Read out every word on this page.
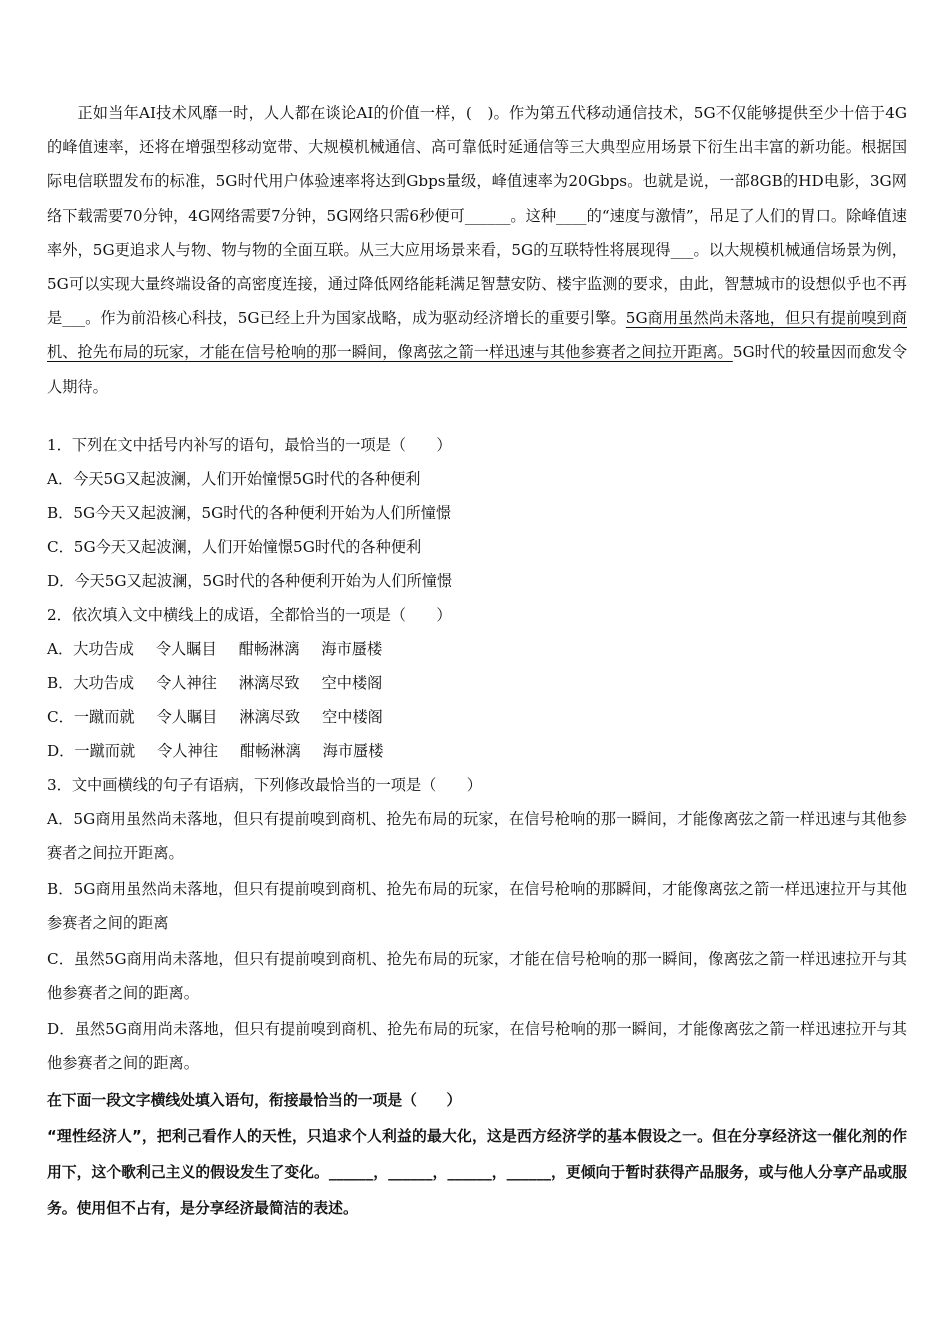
正如当年AI技术风靡一时，人人都在谈论AI的价值一样，(　)。作为第五代移动通信技术，5G不仅能够提供至少十倍于4G的峰值速率，还将在增强型移动宽带、大规模机械通信、高可靠低时延通信等三大典型应用场景下衍生出丰富的新功能。根据国际电信联盟发布的标准，5G时代用户体验速率将达到Gbps量级，峰值速率为20Gbps。也就是说，一部8GB的HD电影，3G网络下载需要70分钟，4G网络需要7分钟，5G网络只需6秒便可______。这种____的“速度与激情”，吊足了人们的胃口。除峰值速率外，5G更追求人与物、物与物的全面互联。从三大应用场景来看，5G的互联特性将展现得___。以大规模机械通信场景为例，5G可以实现大量终端设备的高密度连接，通过降低网络能耗满足智慧安防、楼宇监测的要求，由此，智慧城市的设想似乎也不再是___。作为前沿核心科技，5G已经上升为国家战略，成为驱动经济增长的重要引擎。5G商用虽然尚未落地，但只有提前嗅到商机、抢先布局的玩家，才能在信号枪响的那一瞬间，像离弦之箭一样迅速与其他参赛者之间拉开距离。5G时代的较量因而愈发令人期待。

1．下列在文中括号内补写的语句，最恰当的一项是（　　）

A．今天5G又起波澜，人们开始憧憬5G时代的各种便利

B．5G今天又起波澜，5G时代的各种便利开始为人们所憧憬

C．5G今天又起波澜，人们开始憧憬5G时代的各种便利

D．今天5G又起波澜，5G时代的各种便利开始为人们所憧憬

2．依次填入文中横线上的成语，全都恰当的一项是（　　）

A．大功告成 令人瞩目 酣畅淋漓 海市蜃楼

B．大功告成 令人神往 淋漓尽致 空中楼阁

C．一蹴而就 令人瞩目 淋漓尽致 空中楼阁

D．一蹴而就 令人神往 酣畅淋漓 海市蜃楼

3．文中画横线的句子有语病，下列修改最恰当的一项是（　　）

A．5G商用虽然尚未落地，但只有提前嗅到商机、抢先布局的玩家，在信号枪响的那一瞬间，才能像离弦之箭一样迅速与其他参赛者之间拉开距离。

B．5G商用虽然尚未落地，但只有提前嗅到商机、抢先布局的玩家，在信号枪响的那瞬间，才能像离弦之箭一样迅速拉开与其他参赛者之间的距离

C．虽然5G商用尚未落地，但只有提前嗅到商机、抢先布局的玩家，才能在信号枪响的那一瞬间，像离弦之箭一样迅速拉开与其他参赛者之间的距离。

D．虽然5G商用尚未落地，但只有提前嗅到商机、抢先布局的玩家，在信号枪响的那一瞬间，才能像离弦之箭一样迅速拉开与其他参赛者之间的距离。

在下面一段文字横线处填入语句，衔接最恰当的一项是（　　）

“理性经济人”，把利己看作人的天性，只追求个人利益的最大化，这是西方经济学的基本假设之一。但在分享经济这一催化剂的作用下，这个歌利己主义的假设发生了变化。______，______，______，______，更倾向于暂时获得产品服务，或与他人分享产品或服务。使用但不占有，是分享经济最简洁的表述。
